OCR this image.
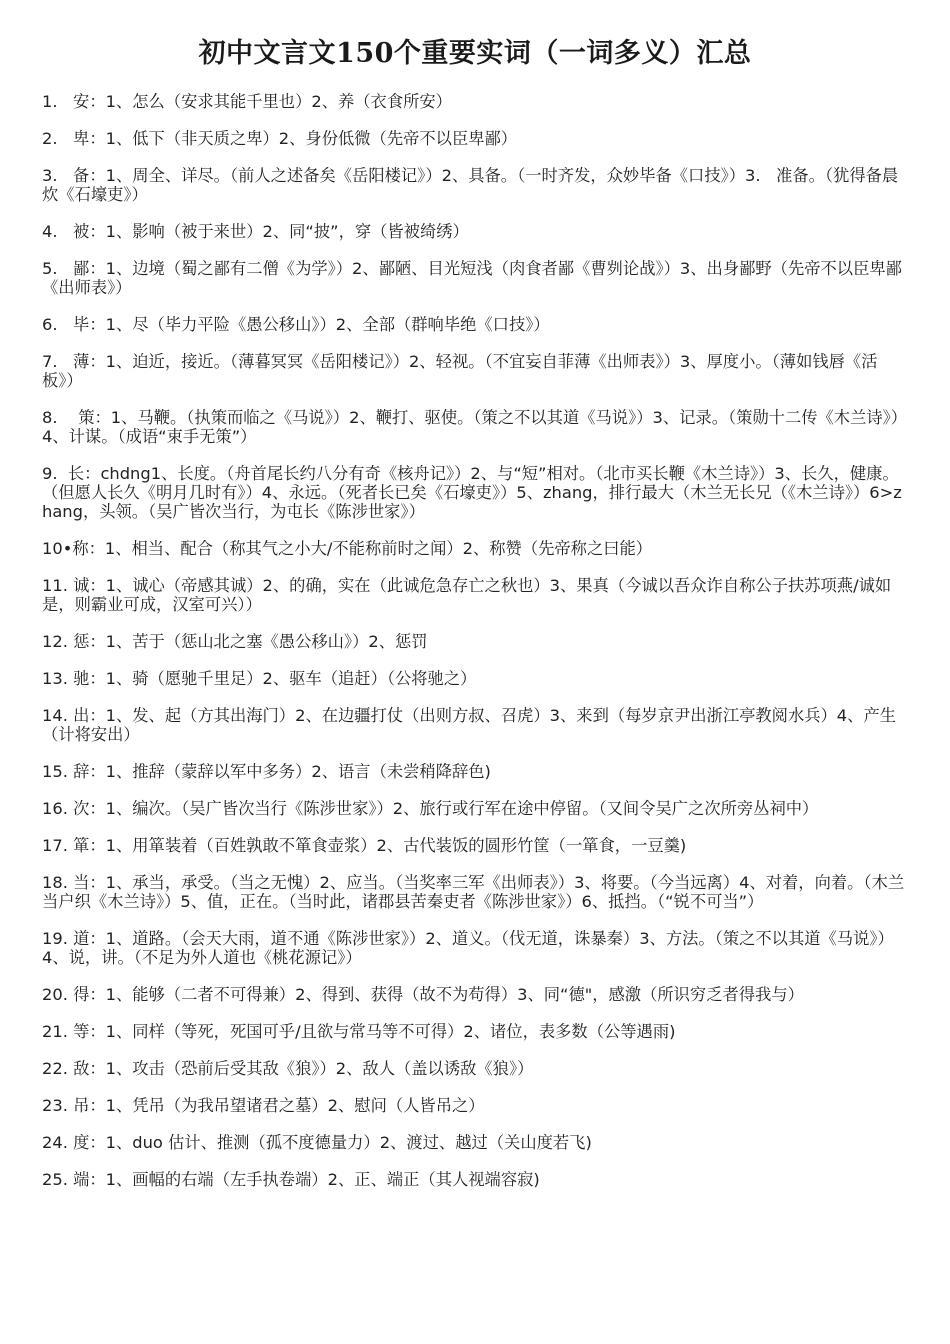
初中文言文150个重要实词（一词多义）汇总

1.   安：1、怎么（安求其能千里也）2、养（衣食所安）

2.   卑：1、低下（非天质之卑）2、身份低微（先帝不以臣卑鄙）

3.   备：1、周全、详尽。（前人之述备矣《岳阳楼记》）2、具备。（一时齐发，众妙毕备《口技》）3.   准备。（犹得备晨炊《石壕吏》）

4.   被：1、影响（被于来世）2、同“披”，穿（皆被绮绣）

5.   鄙：1、边境（蜀之鄙有二僧《为学》）2、鄙陋、目光短浅（肉食者鄙《曹刿论战》）3、出身鄙野（先帝不以臣卑鄙《出师表》）

6.   毕：1、尽（毕力平险《愚公移山》）2、全部（群响毕绝《口技》）

7.   薄：1、迫近，接近。（薄暮冥冥《岳阳楼记》）2、轻视。（不宜妄自菲薄《出师表》）3、厚度小。（薄如钱唇《活板》）

8.    策：1、马鞭。（执策而临之《马说》）2、鞭打、驱使。（策之不以其道《马说》）3、记录。（策勋十二传《木兰诗》）4、计谋。（成语“束手无策”）

9.  长：chdng1、长度。（舟首尾长约八分有奇《核舟记》）2、与“短”相对。（北市买长鞭《木兰诗》）3、长久，健康。（但愿人长久《明月几时有》）4、永远。（死者长已矣《石壕吏》）5、zhang，排行最大（木兰无长兄（《木兰诗》）6>zhang，头领。（吴广皆次当行，为屯长《陈涉世家》）

10•称：1、相当、配合（称其气之小大/不能称前时之闻）2、称赞（先帝称之曰能）

11. 诚：1、诚心（帝感其诚）2、的确，实在（此诚危急存亡之秋也）3、果真（今诚以吾众诈自称公子扶苏项燕/诚如是，则霸业可成，汉室可兴））

12. 惩：1、苦于（惩山北之塞《愚公移山》）2、惩罚

13. 驰：1、骑（愿驰千里足）2、驱车（追赶）（公将驰之）

14. 出：1、发、起（方其出海门）2、在边疆打仗（出则方叔、召虎）3、来到（每岁京尹出浙江亭教阅水兵）4、产生（计将安出）

15. 辞：1、推辞（蒙辞以军中多务）2、语言（未尝稍降辞色)

16. 次：1、编次。（吴广皆次当行《陈涉世家》）2、旅行或行军在途中停留。（又间令吴广之次所旁丛祠中）

17. 箪：1、用箪装着（百姓孰敢不箪食壶浆）2、古代装饭的圆形竹筐（一箪食，一豆羹)

18. 当：1、承当，承受。（当之无愧）2、应当。（当奖率三军《出师表》）3、将要。（今当远离）4、对着，向着。（木兰当户织《木兰诗》）5、值，正在。（当时此，诸郡县苦秦吏者《陈涉世家》）6、抵挡。（“锐不可当”）

19. 道：1、道路。（会天大雨，道不通《陈涉世家》）2、道义。（伐无道，诛暴秦）3、方法。（策之不以其道《马说》）4、说，讲。（不足为外人道也《桃花源记》）

20. 得：1、能够（二者不可得兼）2、得到、获得（故不为苟得）3、同“德"，感激（所识穷乏者得我与）

21. 等：1、同样（等死，死国可乎/且欲与常马等不可得）2、诸位，表多数（公等遇雨)

22. 敌：1、攻击（恐前后受其敌《狼》）2、敌人（盖以诱敌《狼》）

23. 吊：1、凭吊（为我吊望诸君之墓）2、慰问（人皆吊之）

24. 度：1、duo 估计、推测（孤不度德量力）2、渡过、越过（关山度若飞)

25. 端：1、画幅的右端（左手执卷端）2、正、端正（其人视端容寂)
